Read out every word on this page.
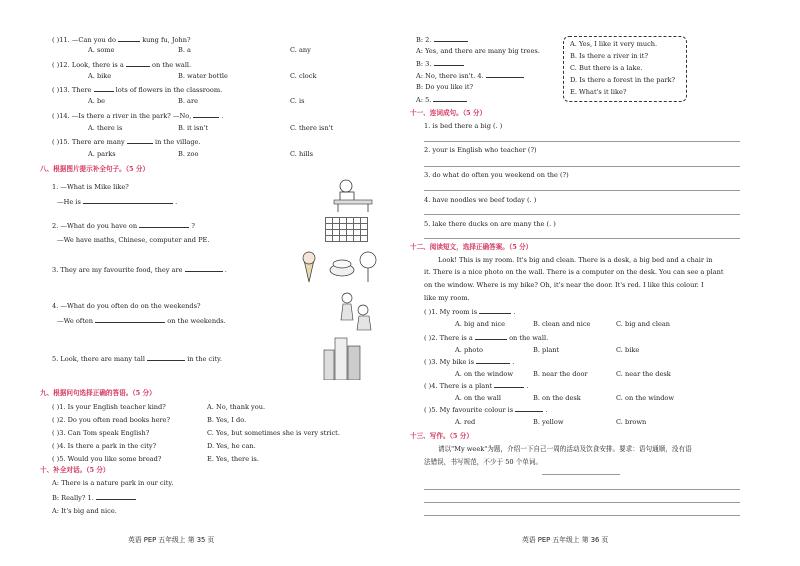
( )11. —Can you do	kung fu, John?
A. some	B. a	C. any
( )12. Look, there is a	on the wall.
A. bike	B. water bottle	C. clock
( )13. There	lots of flowers in the classroom.
A. be	B. are	C. is
( )14. —Is there a river in the park? —No,	.
A. there is	B. it isn't	C. there isn't
( )15. There are many	in the village.
A. parks	B. zoo	C. hills
八、根据图片提示补全句子。（5 分）
1. —What is Mike like?
—He is	.
2. —What do you have on	?
—We have maths, Chinese, computer and PE.
3. They are my favourite food, they are	.
4. —What do you often do on the weekends?
—We often	on the weekends.
5. Look, there are many tall	in the city.

九、根据问句选择正确的答语。（5 分）
( )1. Is your English teacher kind?	A. No, thank you.
( )2. Do you often read books here?	B. Yes, I do.
( )3. Can Tom speak English?	C. Yes, but sometimes she is very strict.
( )4. Is there a park in the city?	D. Yes, he can.
( )5. Would you like some bread?	E. Yes, there is.
十、补全对话。（5 分）
A: There is a nature park in our city.
B: Really? 1.
A: It's big and nice.
英语 PEP 五年级上 第 35 页
B: 2.
A: Yes, and there are many big trees.
B: 3.
A: No, there isn't. 4.
B: Do you like it?
A: 5.
A. Yes, I like it very much.
B. Is there a river in it?
C. But there is a lake.
D. Is there a forest in the park?
E. What's it like?
十一、连词成句。（5 分）
1. is bed there a big (. )
2. your is English who teacher (?)
3. do what do often you weekend on the (?)
4. have noodles we beef today (. )
5. lake there ducks on are many the (. )
十二、阅读短文，选择正确答案。（5 分）
Look! This is my room. It's big and clean. There is a desk, a big bed and a chair in
it. There is a nice photo on the wall. There is a computer on the desk. You can see a plant
on the window. Where is my bike? Oh, it's near the door. It's red. I like this colour. I
like my room.
( )1. My room is	.
A. big and nice	B. clean and nice	C. big and clean
( )2. There is a	on the wall.
A. photo	B. plant	C. bike
( )3. My bike is	.
A. on the window	B. near the door	C. near the desk
( )4. There is a plant	.
A. on the wall	B. on the desk	C. on the window
( )5. My favourite colour is	.
A. red	B. yellow	C. brown
十三、写作。（5 分）
请以"My week"为题，介绍一下自己一周的活动及饮食安排。要求：语句通顺，没有语
法错误，书写规范，不少于 50 个单词。
英语 PEP 五年级上 第 36 页
